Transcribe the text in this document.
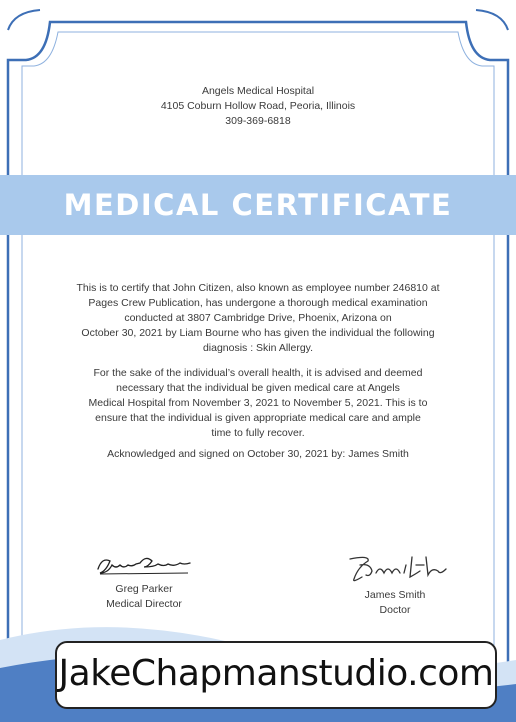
Angels Medical Hospital
4105 Coburn Hollow Road, Peoria, Illinois
309-369-6818
MEDICAL CERTIFICATE
This is to certify that John Citizen, also known as employee number 246810 at
Pages Crew Publication, has undergone a thorough medical examination
conducted at 3807 Cambridge Drive, Phoenix, Arizona on
October 30, 2021 by Liam Bourne who has given the individual the following
diagnosis : Skin Allergy.
For the sake of the individual’s overall health, it is advised and deemed
necessary that the individual be given medical care at Angels
Medical Hospital from November 3, 2021 to November 5, 2021. This is to
ensure that the individual is given appropriate medical care and ample
time to fully recover.
Acknowledged and signed on October 30, 2021 by: James Smith
Greg Parker
Medical Director
James Smith
Doctor
JakeChapmanstudio.com
